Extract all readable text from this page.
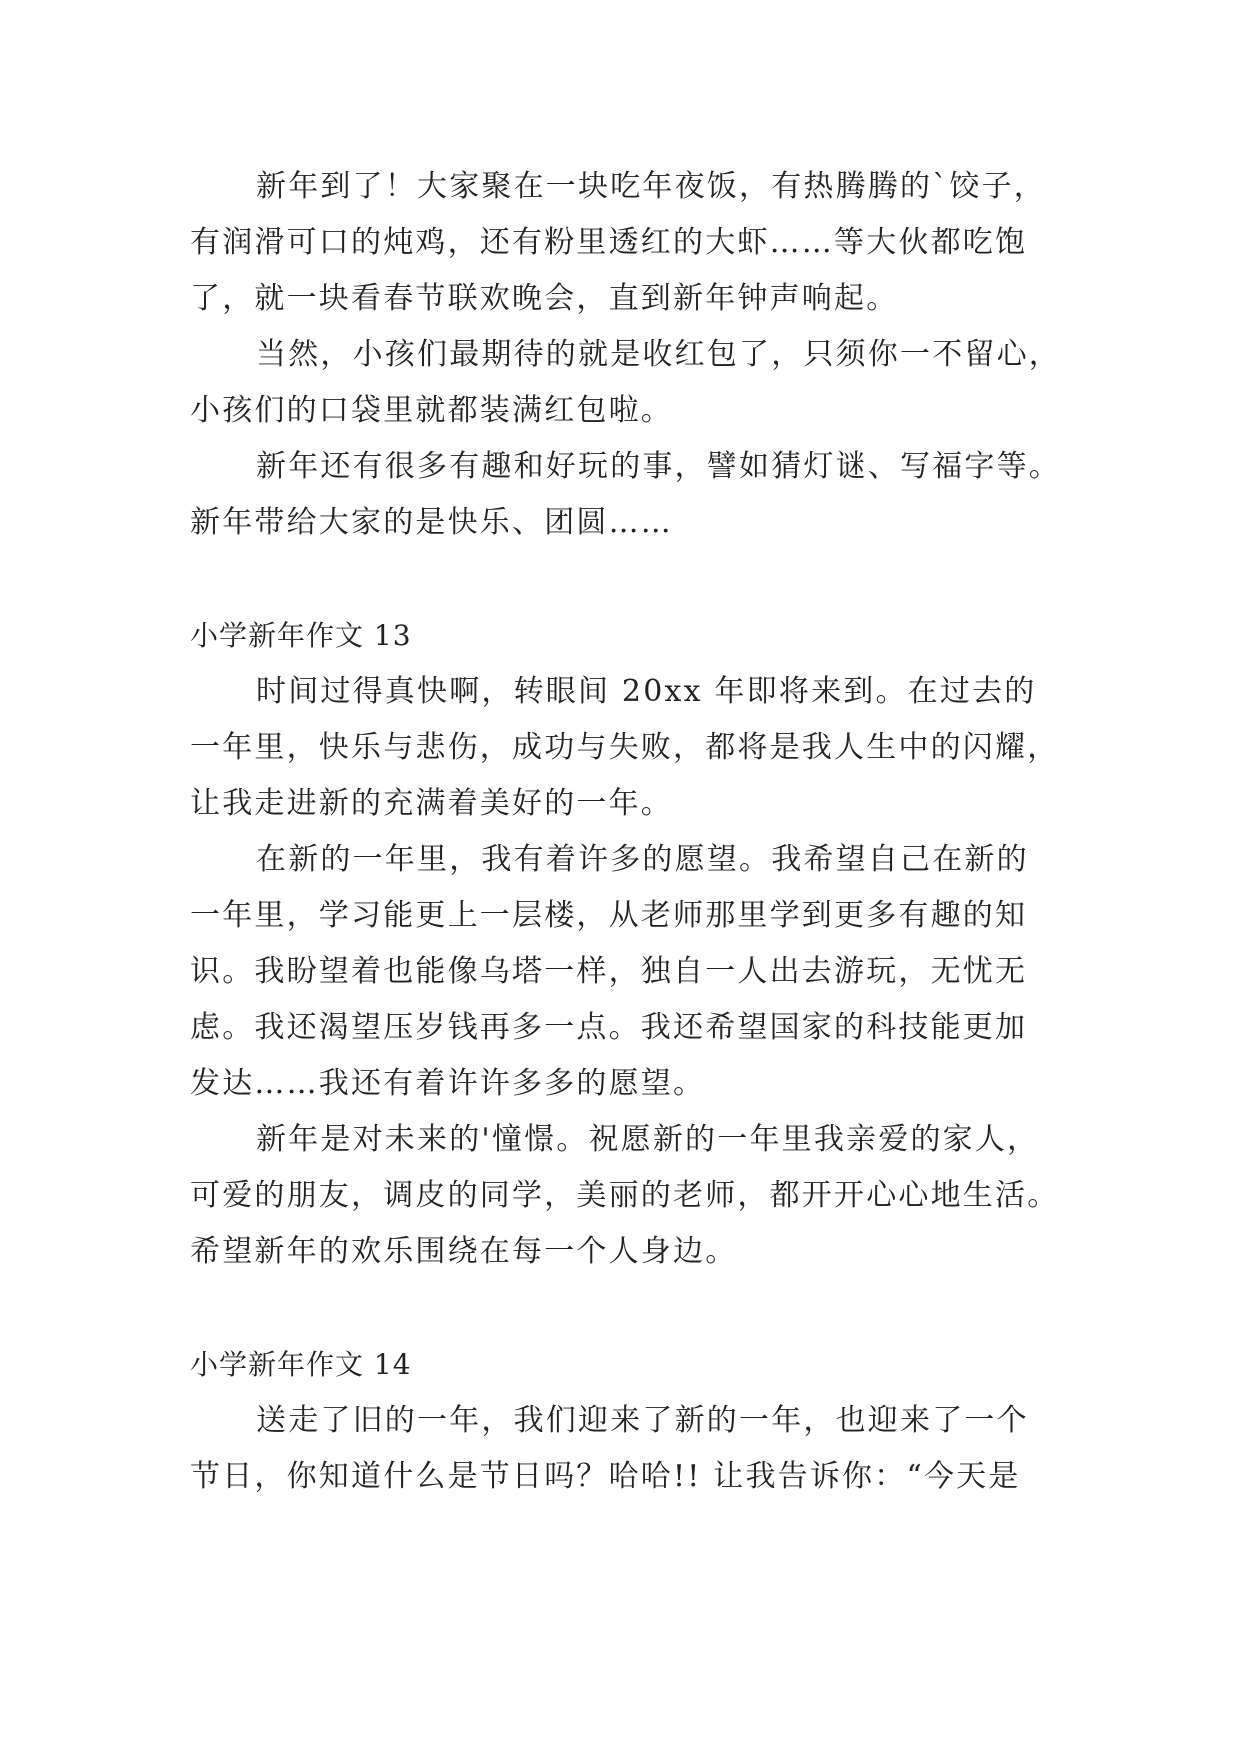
新年到了！大家聚在一块吃年夜饭，有热腾腾的`饺子，
有润滑可口的炖鸡，还有粉里透红的大虾……等大伙都吃饱
了，就一块看春节联欢晚会，直到新年钟声响起。
当然，小孩们最期待的就是收红包了，只须你一不留心，
小孩们的口袋里就都装满红包啦。
新年还有很多有趣和好玩的事，譬如猜灯谜、写福字等。
新年带给大家的是快乐、团圆……
小学新年作文 13
时间过得真快啊，转眼间 20xx 年即将来到。在过去的
一年里，快乐与悲伤，成功与失败，都将是我人生中的闪耀，
让我走进新的充满着美好的一年。
在新的一年里，我有着许多的愿望。我希望自己在新的
一年里，学习能更上一层楼，从老师那里学到更多有趣的知
识。我盼望着也能像乌塔一样，独自一人出去游玩，无忧无
虑。我还渴望压岁钱再多一点。我还希望国家的科技能更加
发达……我还有着许许多多的愿望。
新年是对未来的'憧憬。祝愿新的一年里我亲爱的家人，
可爱的朋友，调皮的同学，美丽的老师，都开开心心地生活。
希望新年的欢乐围绕在每一个人身边。
小学新年作文 14
送走了旧的一年，我们迎来了新的一年，也迎来了一个
节日，你知道什么是节日吗？哈哈!! 让我告诉你：“今天是
